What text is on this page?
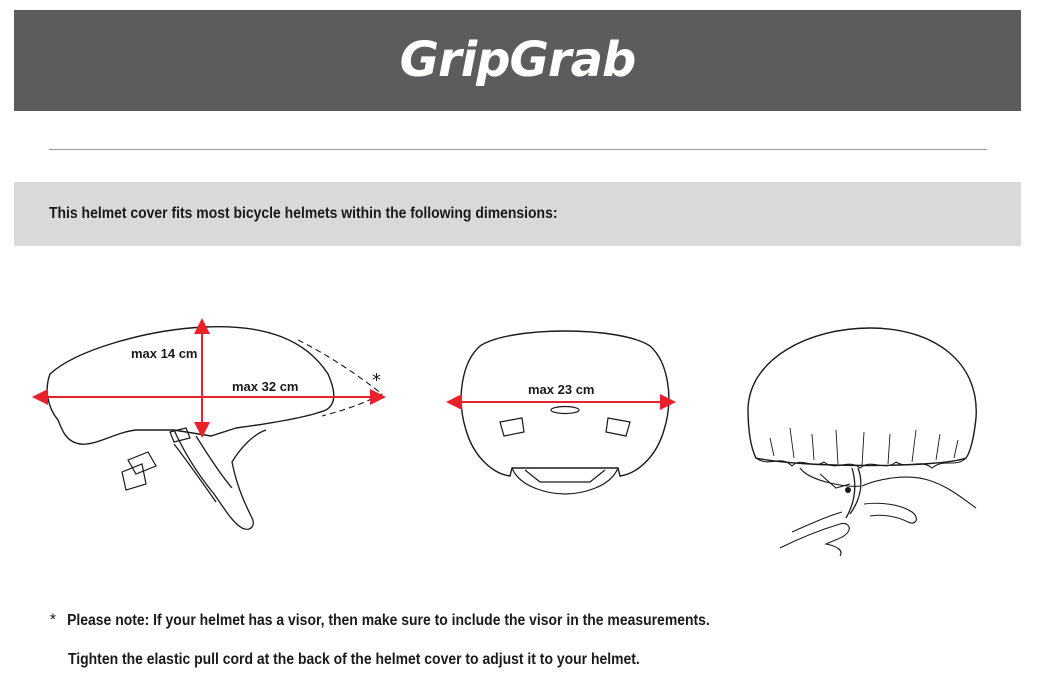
GripGrab
This helmet cover fits most bicycle helmets within the following dimensions:
max 14 cm
max 32 cm	*	max 23 cm
* Please note: If your helmet has a visor, then make sure to include the visor in the measurements.
Tighten the elastic pull cord at the back of the helmet cover to adjust it to your helmet.
